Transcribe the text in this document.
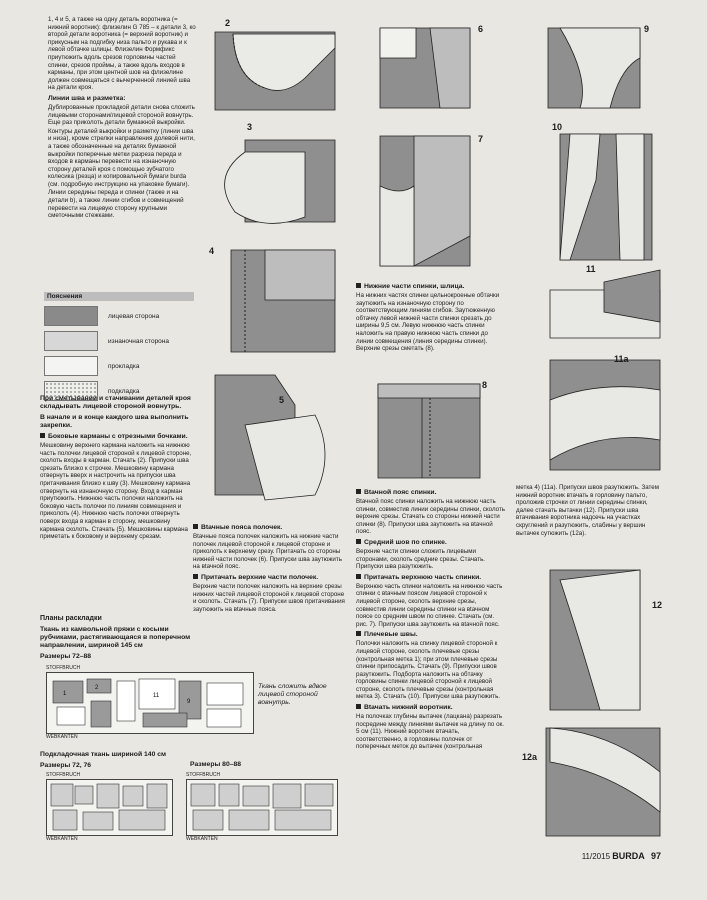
1, 4 и 5, а также на одну деталь воротника (= нижний воротник): флизелин G 785 – к детали 3, ко второй детали воротника (= верхний воротник) и прикусным на подгибку низа пальто и рукава и к левой обтачке шлицы. Флизелин Формфикс приутюжить вдоль срезов горловины частей спинки, срезов проймы, а также вдоль входов в карманы, при этом центной шов на флизелине должен совмещаться с вычерченной линией шва на детали кроя.

Линии шва и разметка:

Дублированные прокладкой детали снова сложить лицевыми сторонами/лицевой стороной вовнутрь. Еще раз приколоть детали бумажной выкройки.

Контуры деталей выкройки и разметку (линии шва и низа), кроме стрелки направления долевой нити, а также обозначенные на деталях бумажной выкройки поперечные метки разреза переда и входов в карманы перевести на изнаночную сторону деталей кроя с помощью зубчатого колесика (резца) и копировальной бумаги burda (см. подробную инструкцию на упаковке бумаги).

Линии середины переда и спинки (также и на детали b), а также линии сгибов и совмещений перевести на лицевую сторону крупными сметочными стежками.

Пояснения
лицевая сторона
изнаночная сторона
прокладка
подкладка
При сметывании и стачивании деталей кроя складывать лицевой стороной вовнутрь.
В начале и в конце каждого шва выполнить закрепки.
Боковые карманы с отрезными бочками.

Мешковину верхнего кармана наложить на нижнюю часть полочки лицевой стороной к лицевой стороне, сколоть входы в карман. Стачать (2). Припуски шва срезать близко к строчке. Мешковину кармана отвернуть вверх и настрочить на припуски шва притачивания близко к шву (3). Мешковину кармана отвернуть на изнаночную сторону. Вход в карман приутюжить. Нижнюю часть полочки наложить на боковую часть полочки по линиям совмещения и приколоть (4). Нижнюю часть полочки отвернуть поверх входа в карман в сторону, мешковину кармана сколоть. Стачать (5). Мешковины кармана приметать к боковому и верхнему срезам.

Планы раскладки
Ткань из камвольной пряжи с косыми рубчиками, растягивающаяся в поперечном направлении, шириной 145 см
Размеры 72–88
STOFFBRUCH
1
2
11
9
WEBKANTEN
Ткань сложить вдвое лицевой стороной вовнутрь.
Подкладочная ткань шириной 140 см
Размеры 72, 76	Размеры 80–88
STOFFBRUCH
WEBKANTEN
STOFFBRUCH
WEBKANTEN
2
3
4
5
Вtачные пояса полочек.

Вtачные пояса полочек наложить на нижние части полочек лицевой стороной к лицевой стороне и приколоть к верхнему срезу. Притачать со стороны нижней части полочек (6). Припуски шва заутюжить на вtачной пояс.

Притачать верхние части полочек.

Верхние части полочек наложить на верхние срезы нижних частей лицевой стороной к лицевой стороне и сколоть. Стачать (7). Припуски швов притачивания заутюжить на вtачные пояса.

6
7
Нижние части спинки, шлица.

На нижних частях спинки цельнокроеные обтачки заутюжить на изнаночную сторону по соответствующим линиям сгибов. Заутюженную обтачку левой нижней части спинки срезать до ширины 9,5 см. Левую нижнюю часть спинки наложить на правую нижнюю часть спинки до линии совмещения (линия середины спинки). Верхние срезы сметать (8).

8
Вtачной пояс спинки.

Вtачной пояс спинки наложить на нижнюю часть спинки, совместив линии середины спинки, сколоть верхние срезы. Стачать со стороны нижней части спинки (8). Припуски шва заутюжить на вtачной пояс.

Средний шов по спинке.

Верхние части спинки сложить лицевыми сторонами, сколоть средние срезы. Стачать. Припуски шва разутюжить.

Притачать верхнюю часть спинки.

Верхнюю часть спинки наложить на нижнюю часть спинки с вtачным поясом лицевой стороной к лицевой стороне, сколоть верхние срезы, совместив линии середины спинки на вtачном поясе со средним швом по спинке. Стачать (см. рис. 7). Припуски шва заутюжить на вtачной пояс.

Плечевые швы.

Полочки наложить на спинку лицевой стороной к лицевой стороне, сколоть плечевые срезы (контрольная метка 1); при этом плечевые срезы спинки припосадить. Стачать (9). Припуски швов разутюжить. Подборта наложить на обтачку горловины спинки лицевой стороной к лицевой стороне, сколоть плечевые срезы (контрольная метка 3). Стачать (10). Припуски шва разутюжить.

Вtачать нижний воротник.

На полочках глубины вытачек (лацкана) разрезать посредине между линиями вытачек на длину по ок. 5 см (11). Нижний воротник втачать, соответственно, в горловины полочек от поперечных меток до вытачек (контрольная

9
10
11
11a

метка 4) (11a). Припуски швов разутюжить. Затем нижний воротник втачать в горловину пальто, проложив строчки от линии середины спинки, далее стачать вытачки (12). Припуски шва втачивания воротника надсечь на участках скруглений и разутюжить, слабины у вершин вытачек сутюжить (12а).

12
12a
11/2015 BURDA 97
